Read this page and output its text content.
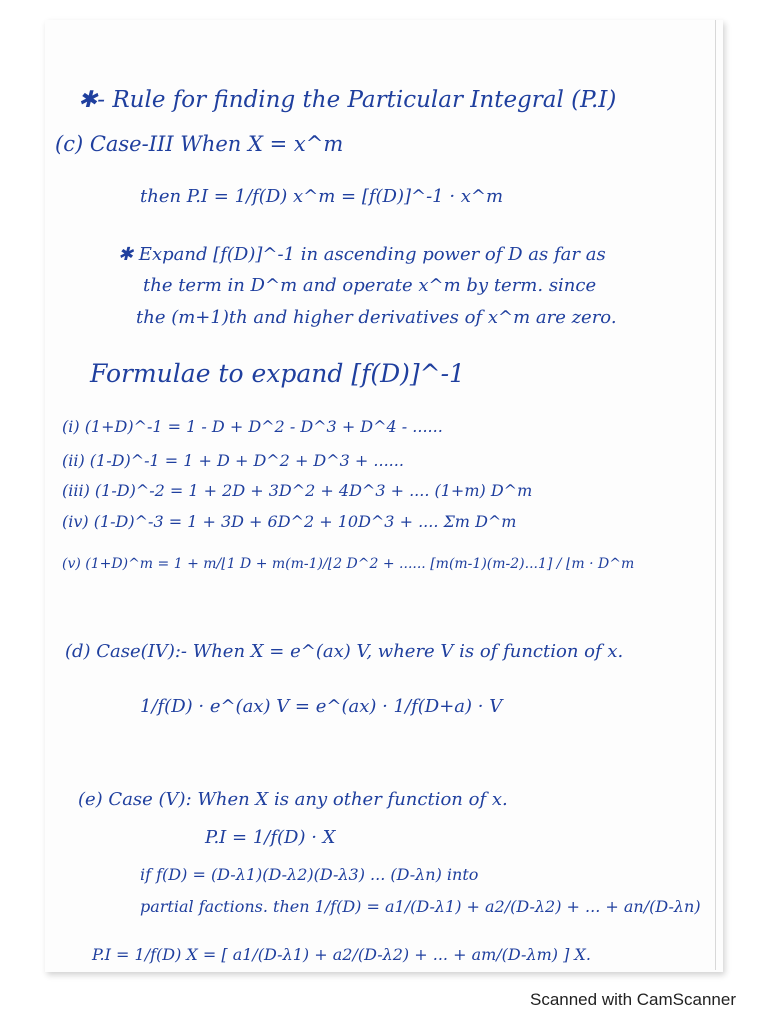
✱- Rule for finding the Particular Integral (P.I)
(c) Case-III When X = x^m
then P.I = 1/f(D) x^m = [f(D)]^-1 · x^m
✱ Expand [f(D)]^-1 in ascending power of D as far as
the term in D^m and operate x^m by term. since
the (m+1)th and higher derivatives of x^m are zero.
Formulae to expand [f(D)]^-1
(i) (1+D)^-1 = 1 - D + D^2 - D^3 + D^4 - ......
(ii) (1-D)^-1 = 1 + D + D^2 + D^3 + ......
(iii) (1-D)^-2 = 1 + 2D + 3D^2 + 4D^3 + .... (1+m) D^m
(iv) (1-D)^-3 = 1 + 3D + 6D^2 + 10D^3 + .... Σm D^m
(v) (1+D)^m = 1 + m/⌊1 D + m(m-1)/⌊2 D^2 + ...... [m(m-1)(m-2)...1] / ⌊m · D^m
(d) Case(IV):- When X = e^(ax) V, where V is of function of x.
1/f(D) · e^(ax) V = e^(ax) · 1/f(D+a) · V
(e) Case (V): When X is any other function of x.
P.I = 1/f(D) · X
if f(D) = (D-λ1)(D-λ2)(D-λ3) ... (D-λn) into
partial factions. then 1/f(D) = a1/(D-λ1) + a2/(D-λ2) + ... + an/(D-λn)
P.I = 1/f(D) X = [ a1/(D-λ1) + a2/(D-λ2) + ... + am/(D-λm) ] X.
Scanned with CamScanner
